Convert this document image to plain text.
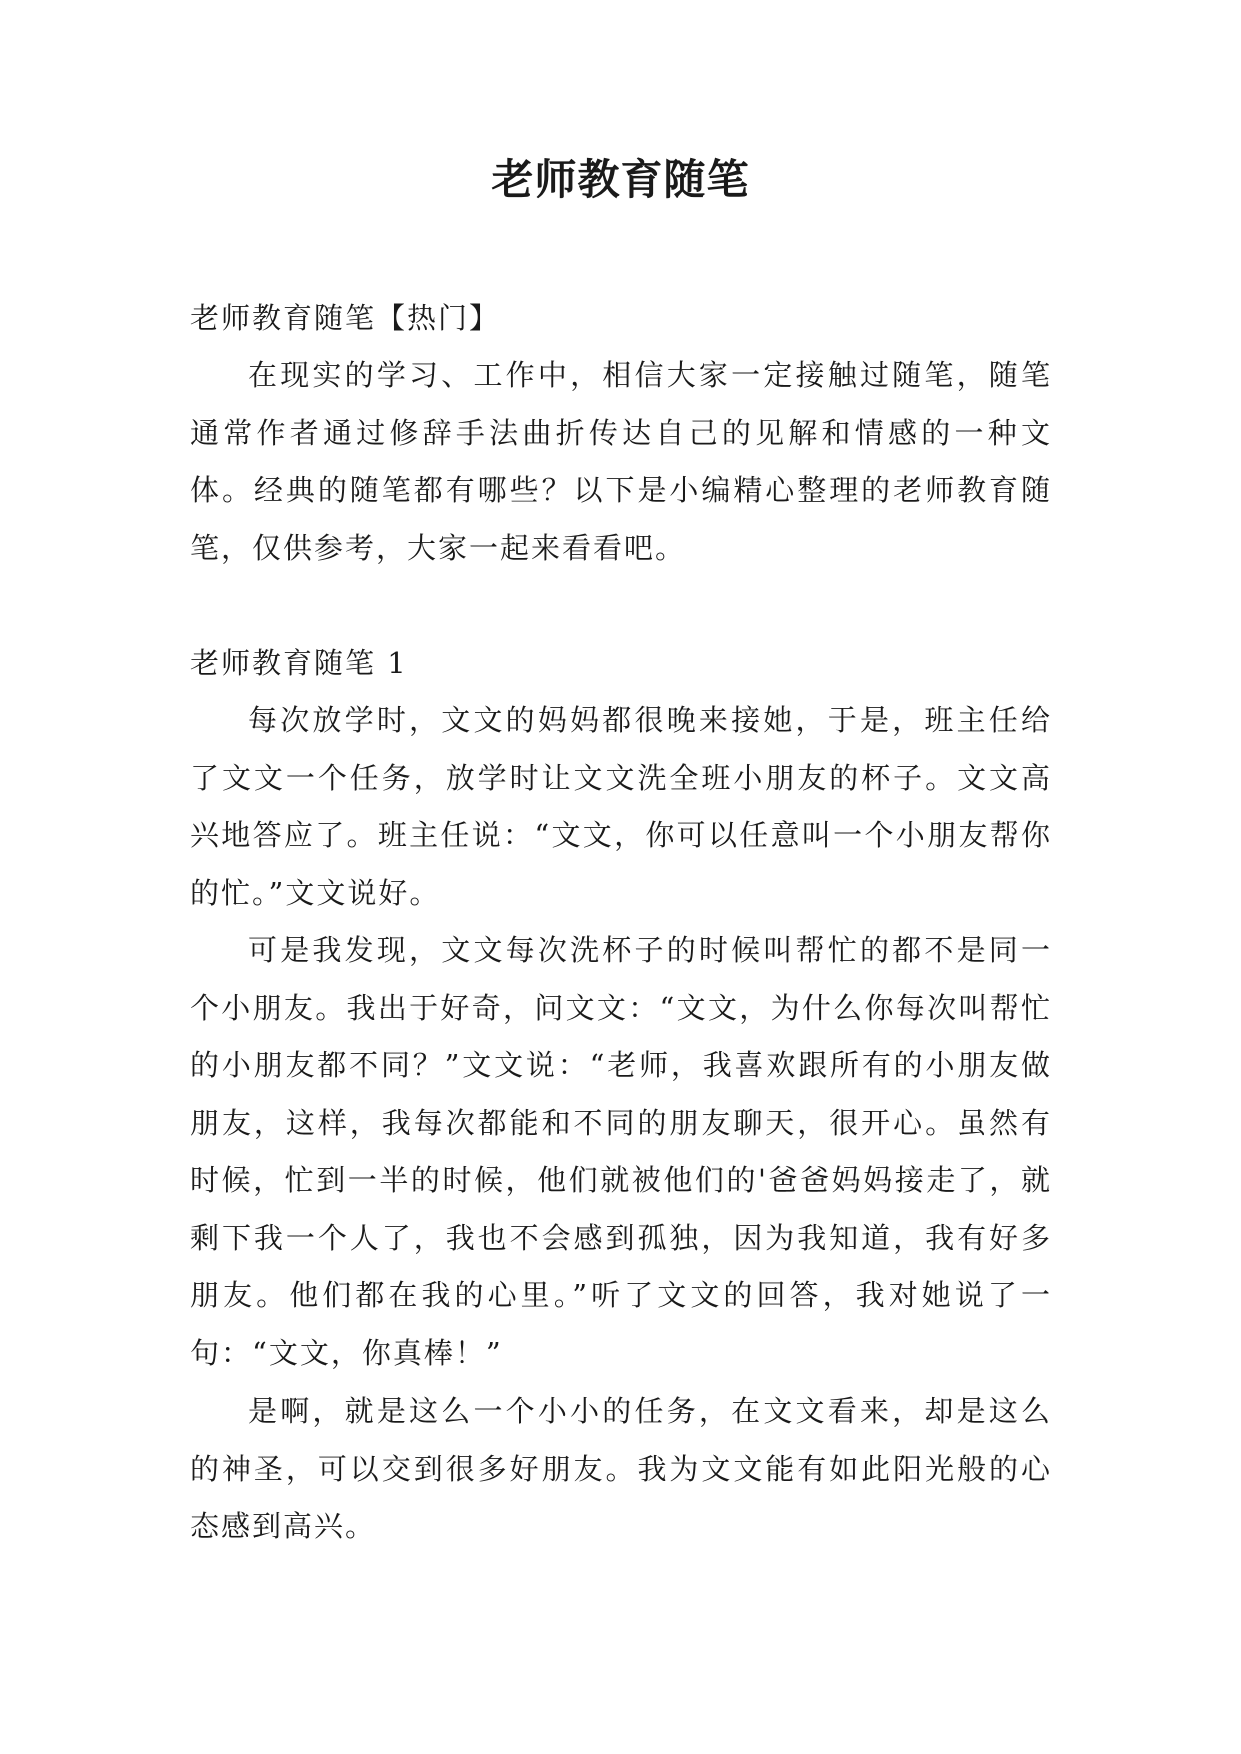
老师教育随笔

老师教育随笔【热门】

在现实的学习、工作中，相信大家一定接触过随笔，随笔通常作者通过修辞手法曲折传达自己的见解和情感的一种文体。经典的随笔都有哪些？以下是小编精心整理的老师教育随笔，仅供参考，大家一起来看看吧。

老师教育随笔 1

每次放学时，文文的妈妈都很晚来接她，于是，班主任给了文文一个任务，放学时让文文洗全班小朋友的杯子。文文高兴地答应了。班主任说：“文文，你可以任意叫一个小朋友帮你的忙。”文文说好。

可是我发现，文文每次洗杯子的时候叫帮忙的都不是同一个小朋友。我出于好奇，问文文：“文文，为什么你每次叫帮忙的小朋友都不同？”文文说：“老师，我喜欢跟所有的小朋友做朋友，这样，我每次都能和不同的朋友聊天，很开心。虽然有时候，忙到一半的时候，他们就被他们的'爸爸妈妈接走了，就剩下我一个人了，我也不会感到孤独，因为我知道，我有好多朋友。他们都在我的心里。”听了文文的回答，我对她说了一句：“文文，你真棒！”

是啊，就是这么一个小小的任务，在文文看来，却是这么的神圣，可以交到很多好朋友。我为文文能有如此阳光般的心态感到高兴。
